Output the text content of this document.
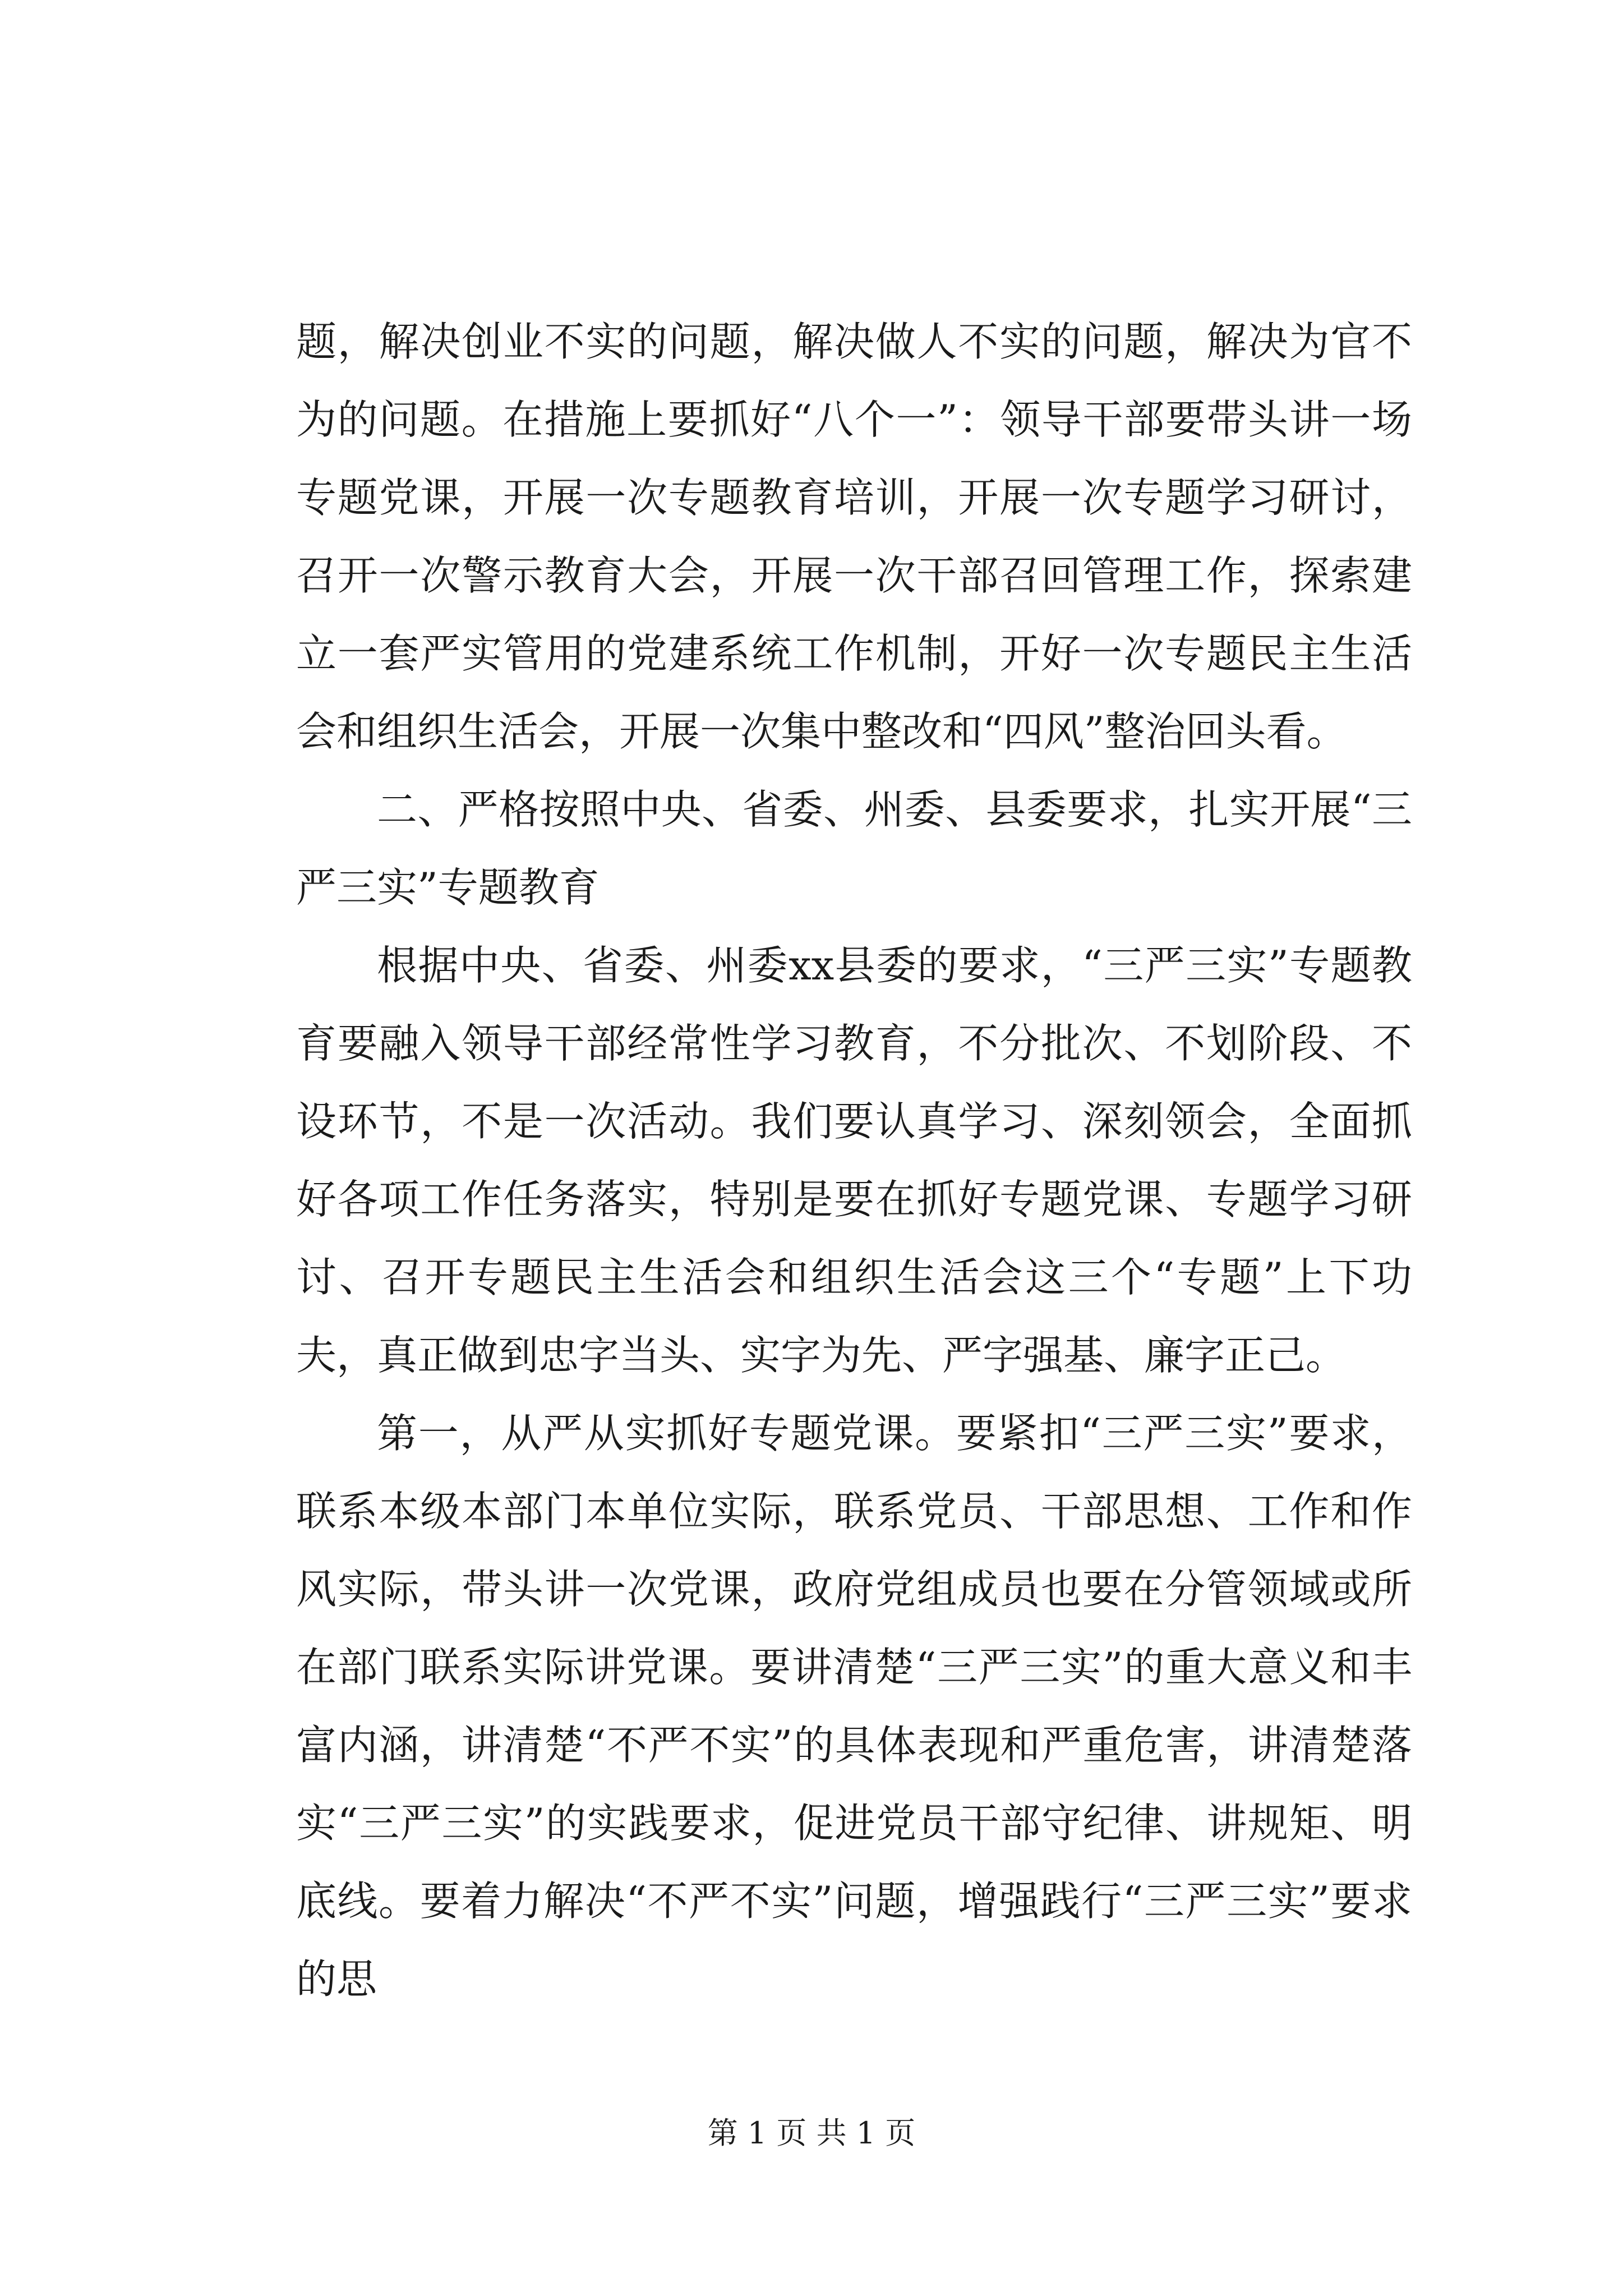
题，解决创业不实的问题，解决做人不实的问题，解决为官不为的问题。在措施上要抓好“八个一”：领导干部要带头讲一场专题党课，开展一次专题教育培训，开展一次专题学习研讨，召开一次警示教育大会，开展一次干部召回管理工作，探索建立一套严实管用的党建系统工作机制，开好一次专题民主生活会和组织生活会，开展一次集中整改和“四风”整治回头看。

二、严格按照中央、省委、州委、县委要求，扎实开展“三严三实”专题教育

根据中央、省委、州委xx县委的要求，“三严三实”专题教育要融入领导干部经常性学习教育，不分批次、不划阶段、不设环节，不是一次活动。我们要认真学习、深刻领会，全面抓好各项工作任务落实，特别是要在抓好专题党课、专题学习研讨、召开专题民主生活会和组织生活会这三个“专题”上下功夫，真正做到忠字当头、实字为先、严字强基、廉字正己。

第一，从严从实抓好专题党课。要紧扣“三严三实”要求，联系本级本部门本单位实际，联系党员、干部思想、工作和作风实际，带头讲一次党课，政府党组成员也要在分管领域或所在部门联系实际讲党课。要讲清楚“三严三实”的重大意义和丰富内涵，讲清楚“不严不实”的具体表现和严重危害，讲清楚落实“三严三实”的实践要求，促进党员干部守纪律、讲规矩、明底线。要着力解决“不严不实”问题，增强践行“三严三实”要求的思

第 1 页 共 1 页
